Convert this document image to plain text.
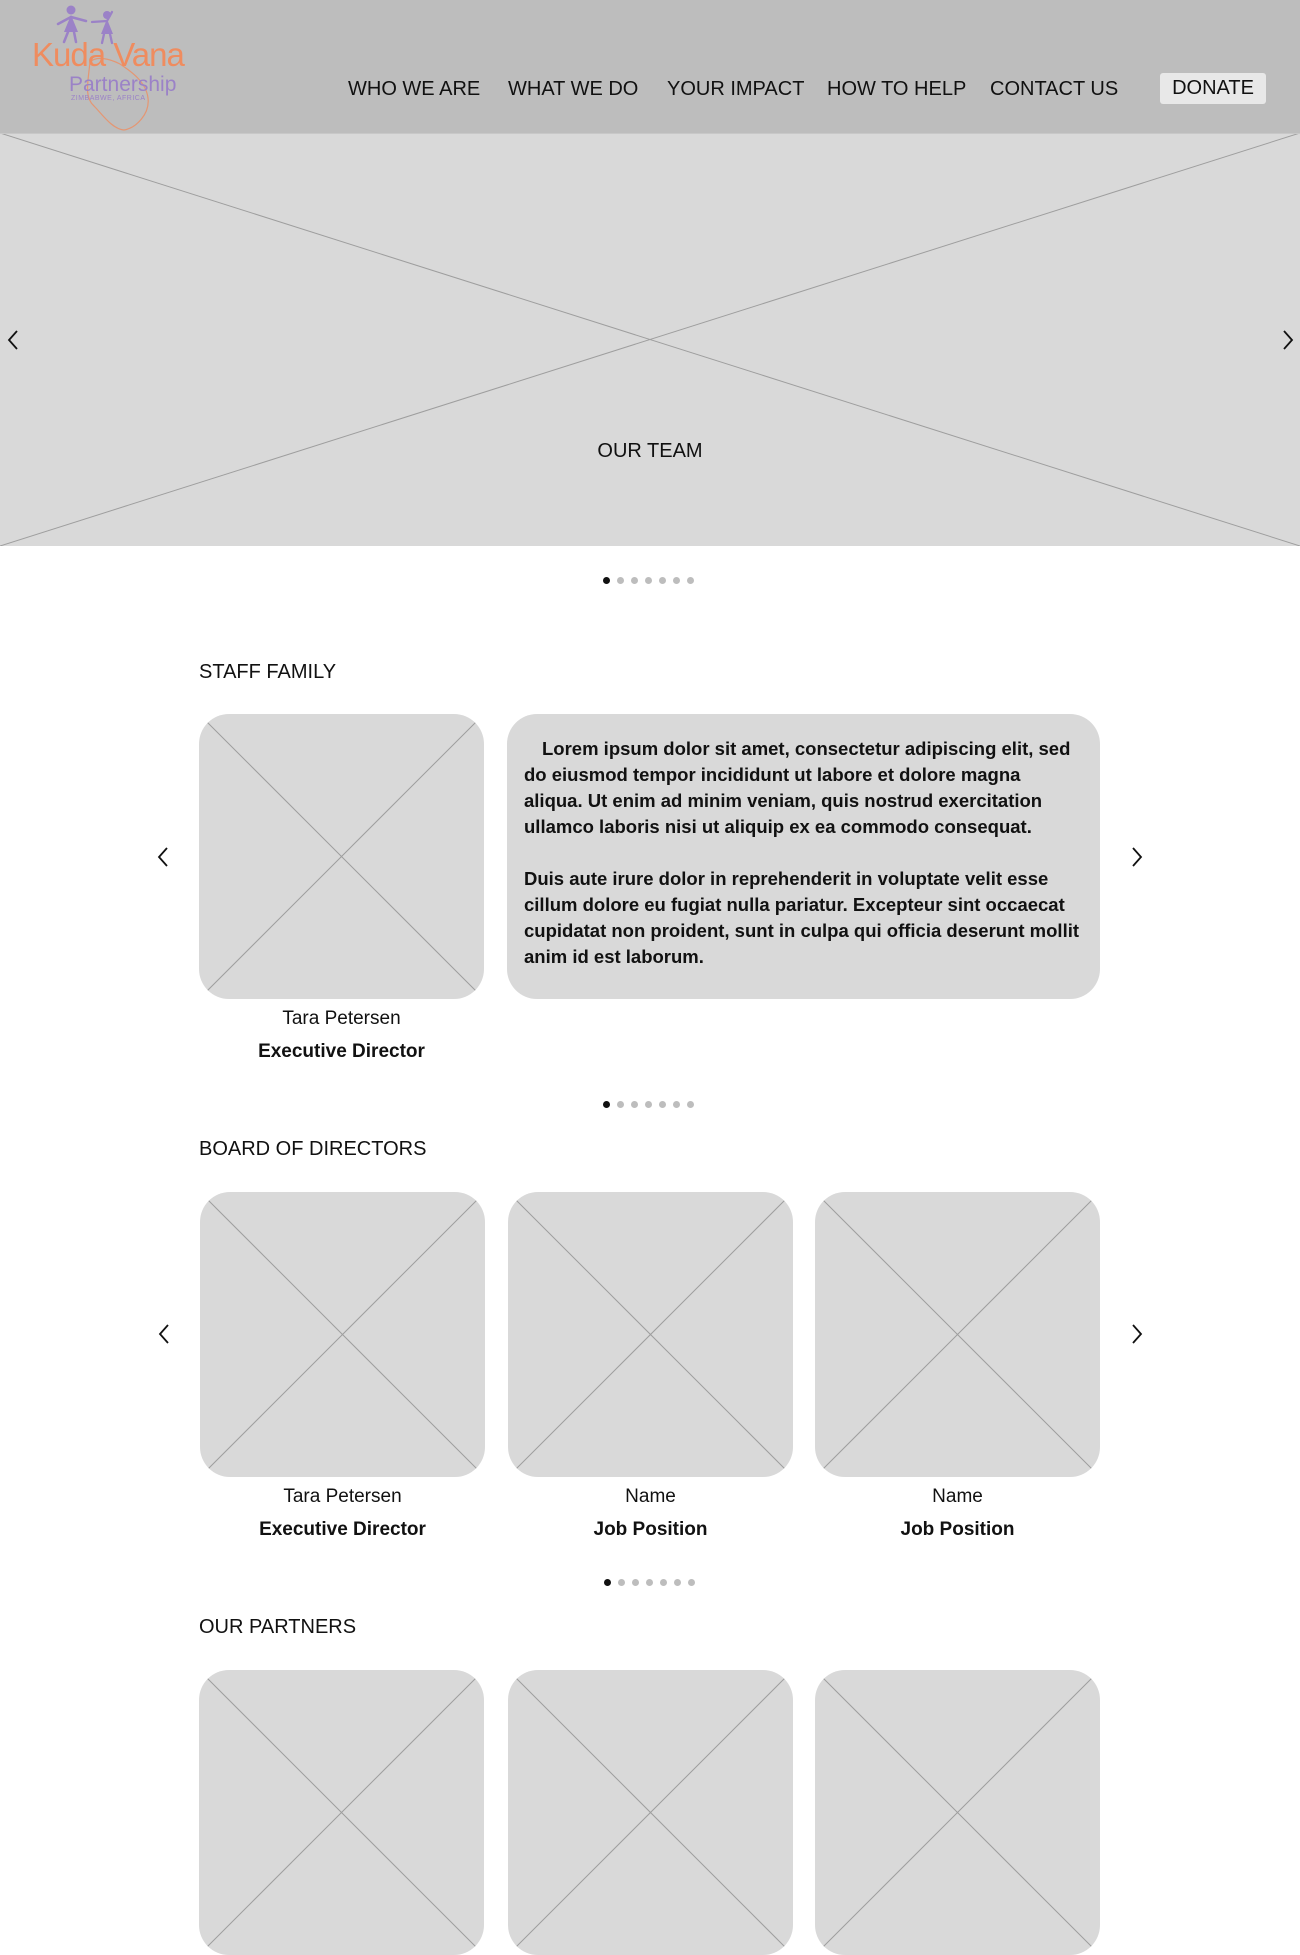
Kuda Vana
Partnership
ZIMBABWE, AFRICA	WHO WE ARE WHAT WE DO YOUR IMPACT HOW TO HELP CONTACT US	DONATE
OUR TEAM
STAFF FAMILY
Tara Petersen
Executive Director

Lorem ipsum dolor sit amet, consectetur adipiscing elit, sed do eiusmod tempor incididunt ut labore et dolore magna aliqua. Ut enim ad minim veniam, quis nostrud exercitation ullamco laboris nisi ut aliquip ex ea commodo consequat.

Duis aute irure dolor in reprehenderit in voluptate velit esse cillum dolore eu fugiat nulla pariatur. Excepteur sint occaecat cupidatat non proident, sunt in culpa qui officia deserunt mollit anim id est laborum.

BOARD OF DIRECTORS
Tara Petersen
Executive Director
Name
Job Position
Name
Job Position
OUR PARTNERS
